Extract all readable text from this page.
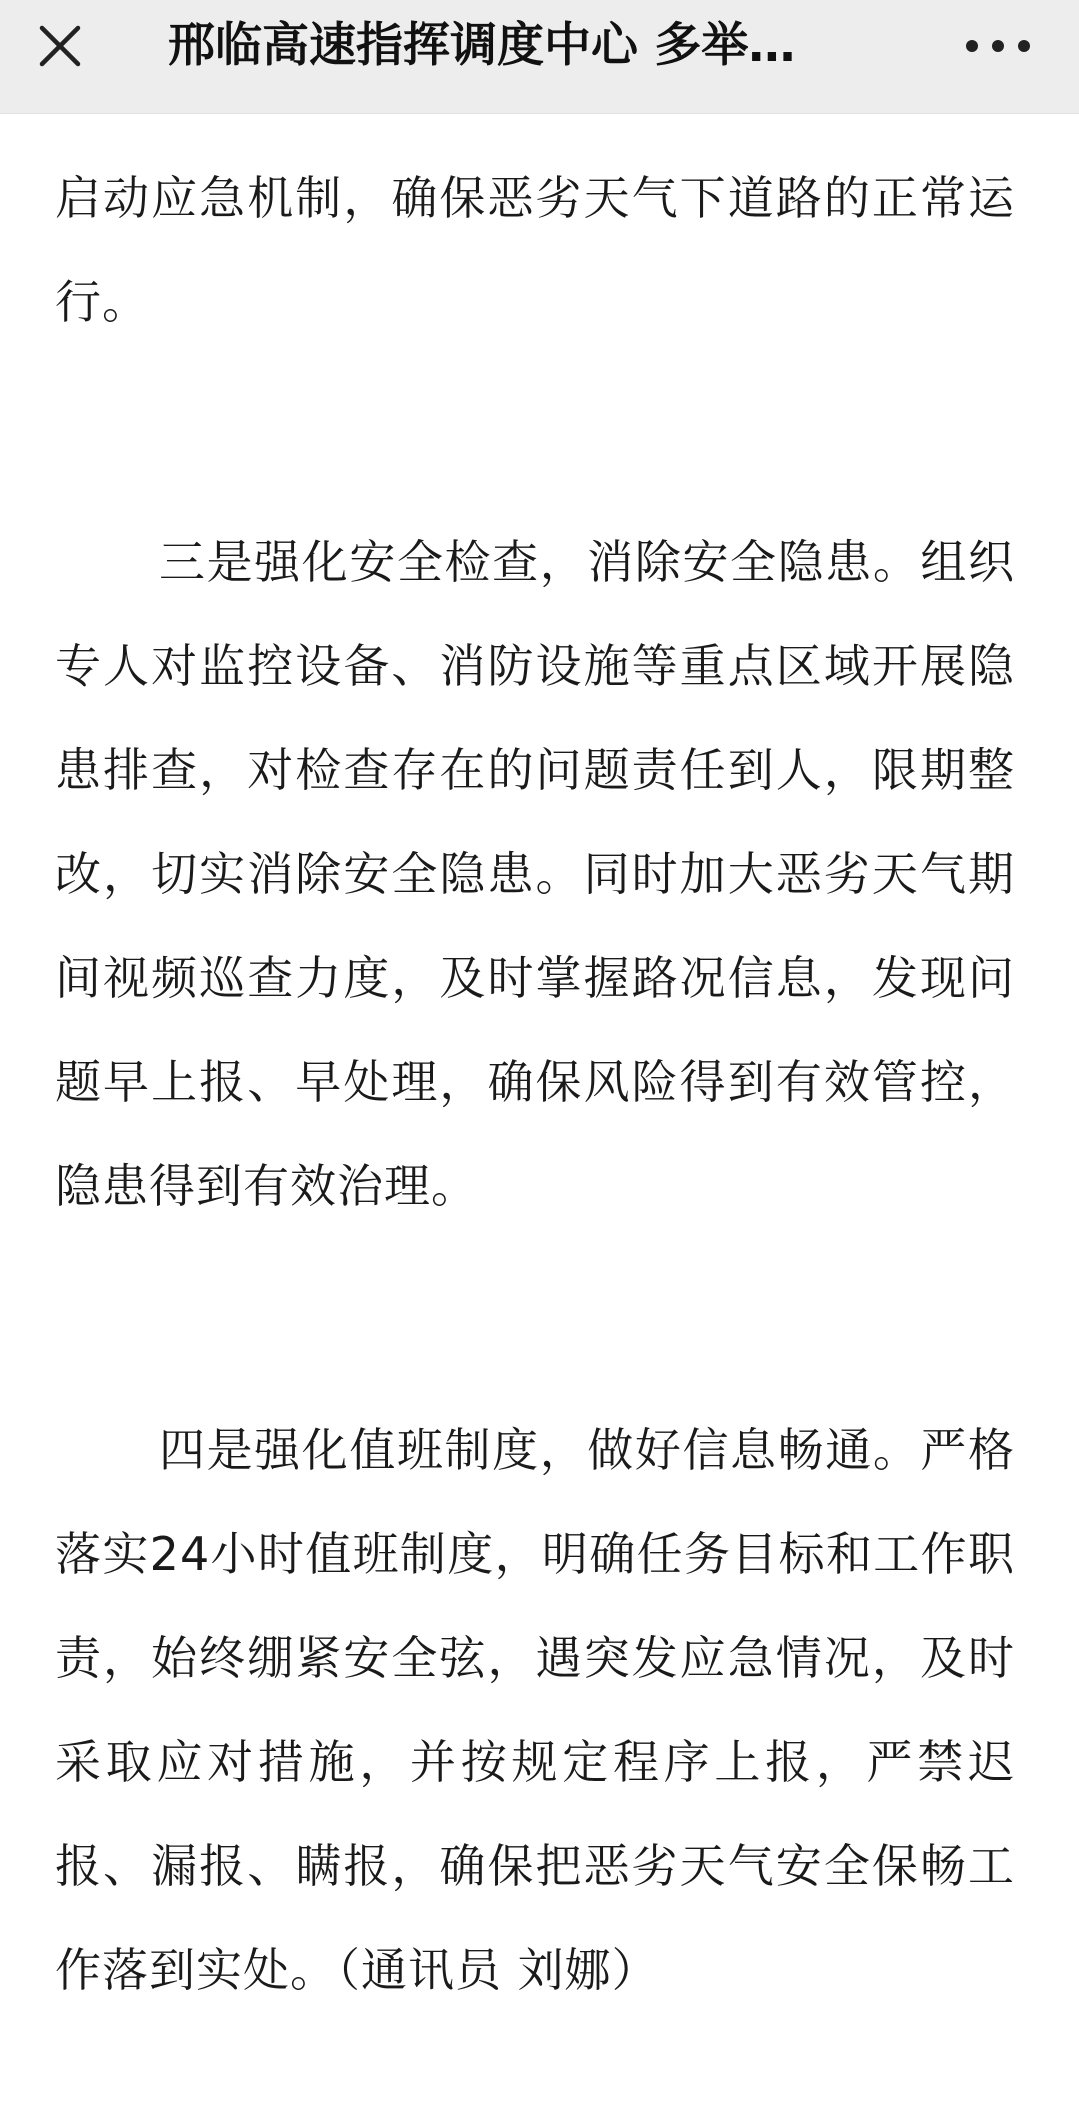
邢临高速指挥调度中心 多举…

启动应急机制，确保恶劣天气下道路的正常运行。

三是强化安全检查，消除安全隐患。组织专人对监控设备、消防设施等重点区域开展隐患排查，对检查存在的问题责任到人，限期整改，切实消除安全隐患。同时加大恶劣天气期间视频巡查力度，及时掌握路况信息，发现问题早上报、早处理，确保风险得到有效管控，隐患得到有效治理。

四是强化值班制度，做好信息畅通。严格落实24小时值班制度，明确任务目标和工作职责，始终绷紧安全弦，遇突发应急情况，及时采取应对措施，并按规定程序上报，严禁迟报、漏报、瞒报，确保把恶劣天气安全保畅工作落到实处。（通讯员 刘娜）
